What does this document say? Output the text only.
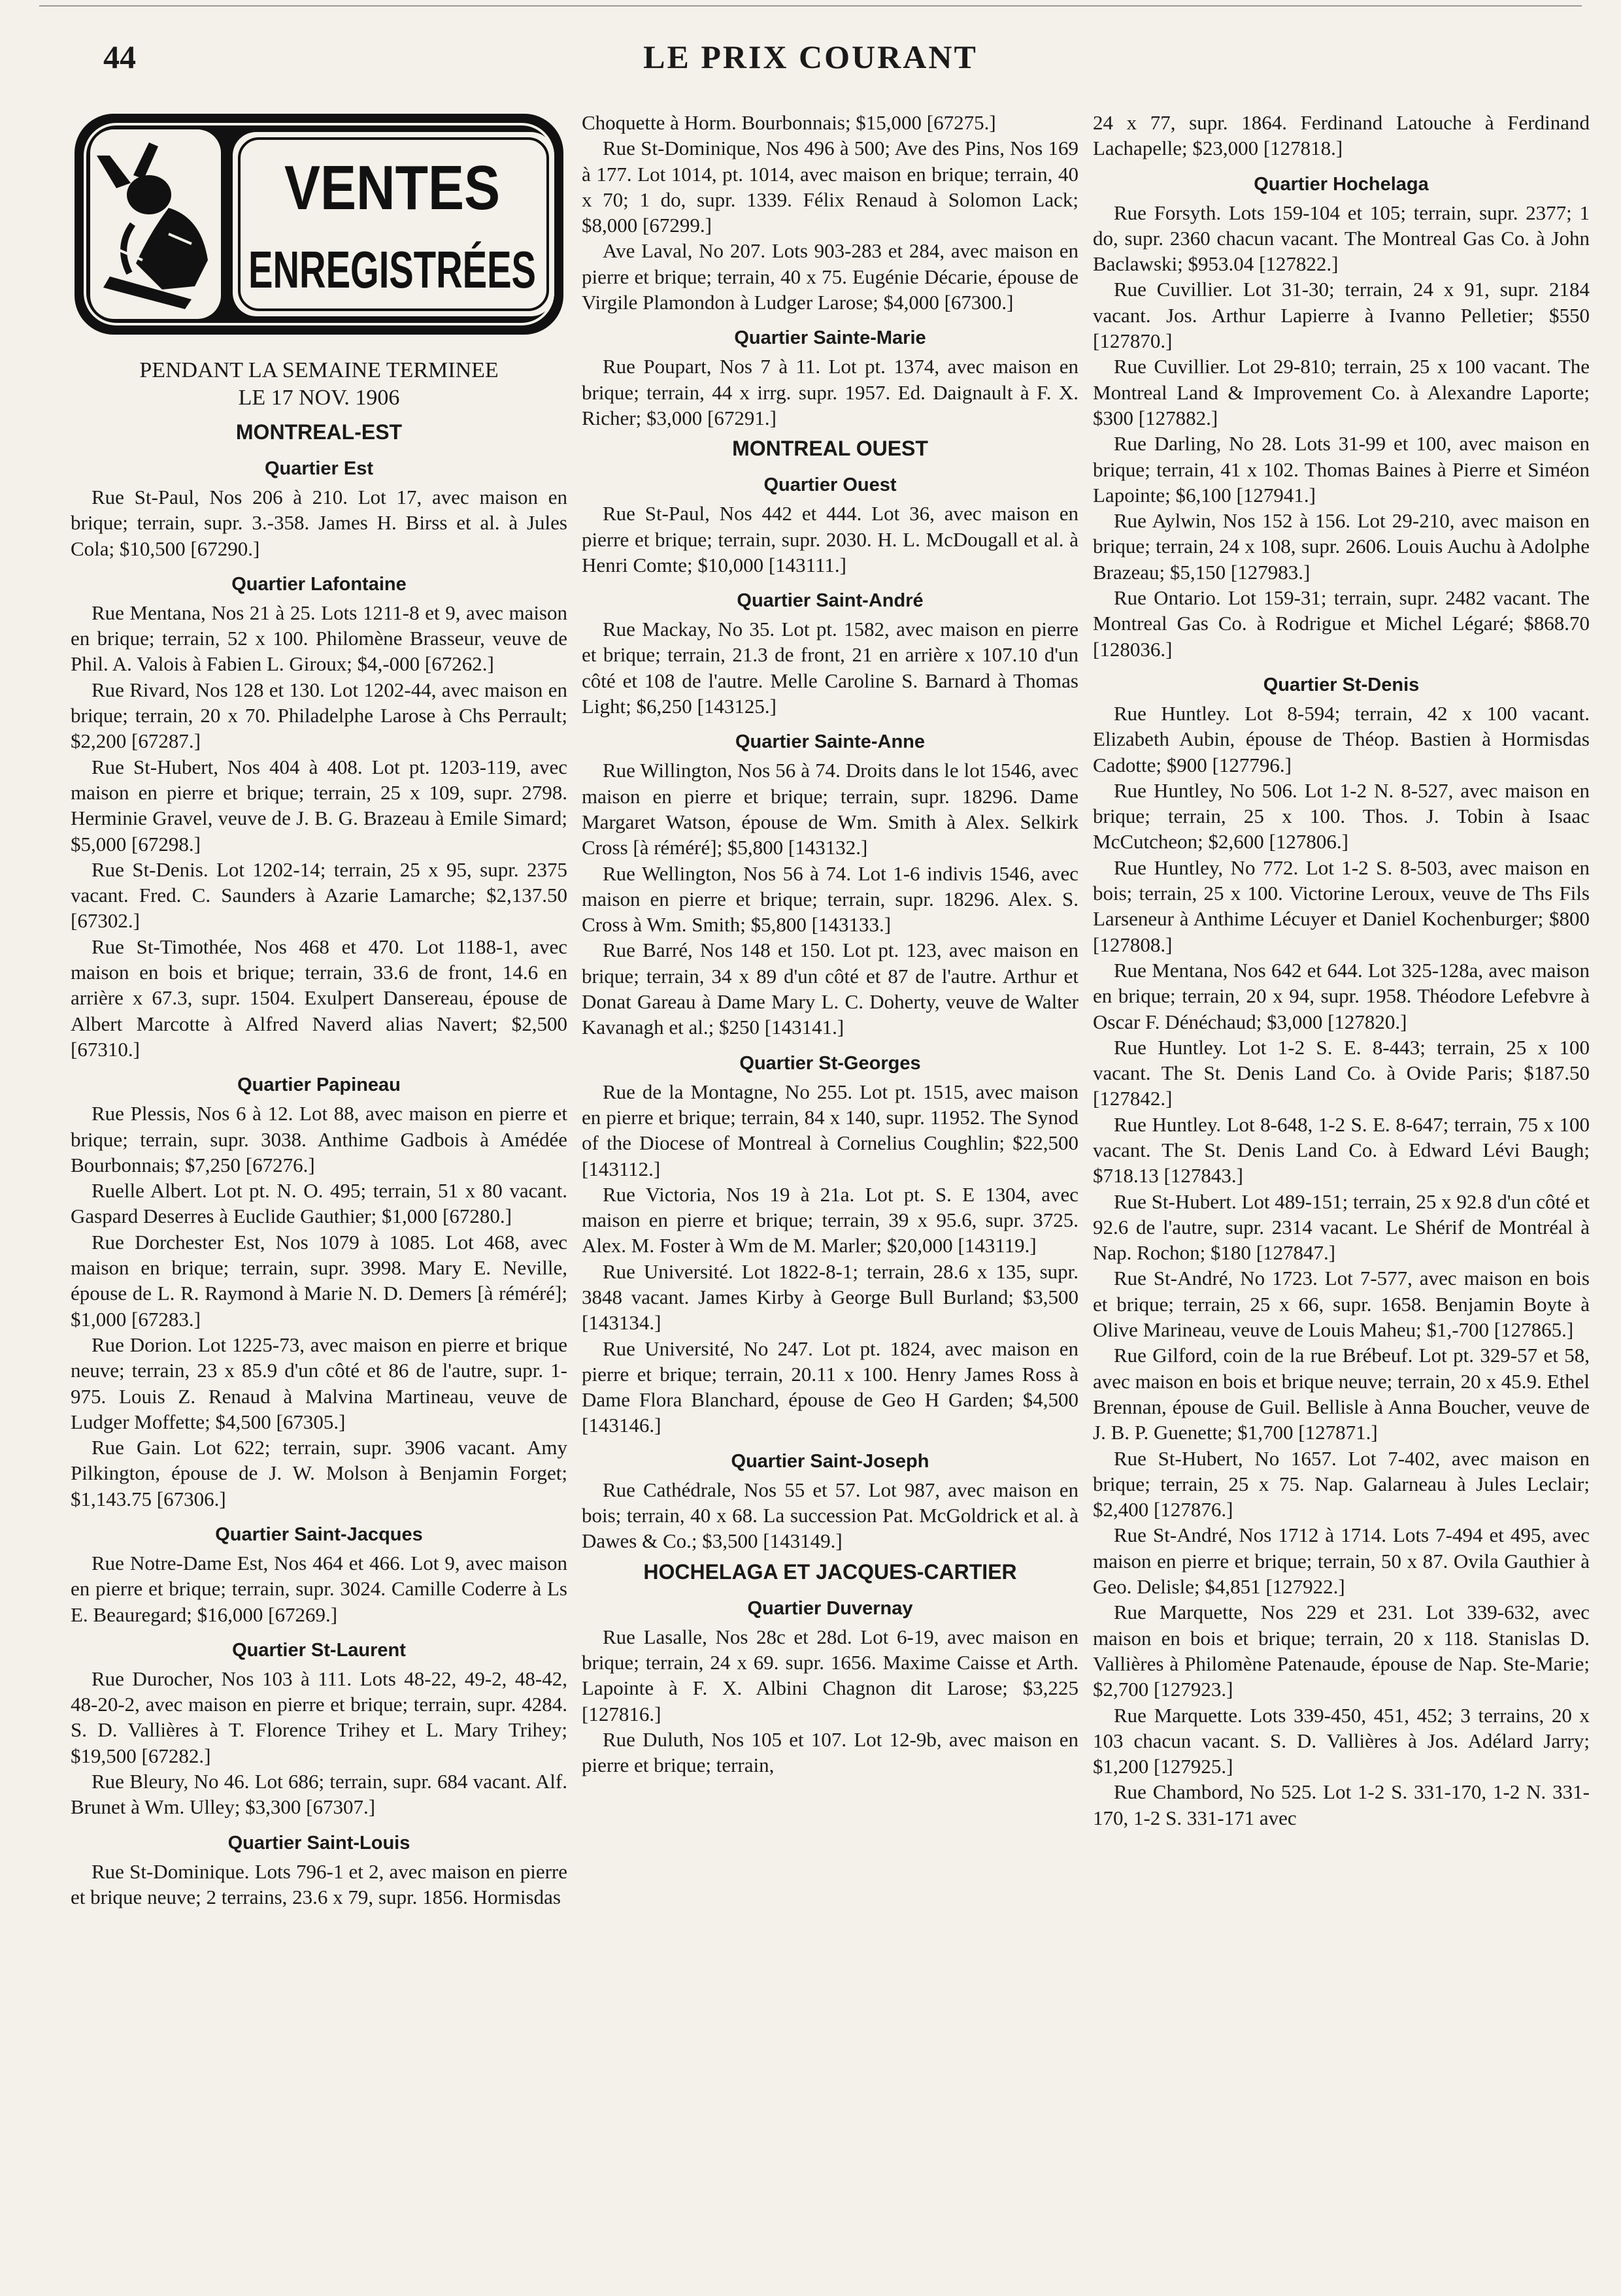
44	LE PRIX COURANT
VENTES
ENREGISTRÉES

PENDANT LA SEMAINE TERMINEE
LE 17 NOV. 1906

MONTREAL-EST
Quartier Est

Rue St-Paul, Nos 206 à 210. Lot 17, avec maison en brique; terrain, supr. 3.-358. James H. Birss et al. à Jules Cola; $10,500 [67290.]

Quartier Lafontaine

Rue Mentana, Nos 21 à 25. Lots 1211-8 et 9, avec maison en brique; terrain, 52 x 100. Philomène Brasseur, veuve de Phil. A. Valois à Fabien L. Giroux; $4,-000 [67262.]

Rue Rivard, Nos 128 et 130. Lot 1202-44, avec maison en brique; terrain, 20 x 70. Philadelphe Larose à Chs Perrault; $2,200 [67287.]

Rue St-Hubert, Nos 404 à 408. Lot pt. 1203-119, avec maison en pierre et brique; terrain, 25 x 109, supr. 2798. Herminie Gravel, veuve de J. B. G. Brazeau à Emile Simard; $5,000 [67298.]

Rue St-Denis. Lot 1202-14; terrain, 25 x 95, supr. 2375 vacant. Fred. C. Saunders à Azarie Lamarche; $2,137.50 [67302.]

Rue St-Timothée, Nos 468 et 470. Lot 1188-1, avec maison en bois et brique; terrain, 33.6 de front, 14.6 en arrière x 67.3, supr. 1504. Exulpert Dansereau, épouse de Albert Marcotte à Alfred Naverd alias Navert; $2,500 [67310.]

Quartier Papineau

Rue Plessis, Nos 6 à 12. Lot 88, avec maison en pierre et brique; terrain, supr. 3038. Anthime Gadbois à Amédée Bourbonnais; $7,250 [67276.]

Ruelle Albert. Lot pt. N. O. 495; terrain, 51 x 80 vacant. Gaspard Deserres à Euclide Gauthier; $1,000 [67280.]

Rue Dorchester Est, Nos 1079 à 1085. Lot 468, avec maison en brique; terrain, supr. 3998. Mary E. Neville, épouse de L. R. Raymond à Marie N. D. Demers [à réméré]; $1,000 [67283.]

Rue Dorion. Lot 1225-73, avec maison en pierre et brique neuve; terrain, 23 x 85.9 d'un côté et 86 de l'autre, supr. 1-975. Louis Z. Renaud à Malvina Martineau, veuve de Ludger Moffette; $4,500 [67305.]

Rue Gain. Lot 622; terrain, supr. 3906 vacant. Amy Pilkington, épouse de J. W. Molson à Benjamin Forget; $1,143.75 [67306.]

Quartier Saint-Jacques

Rue Notre-Dame Est, Nos 464 et 466. Lot 9, avec maison en pierre et brique; terrain, supr. 3024. Camille Coderre à Ls E. Beauregard; $16,000 [67269.]

Quartier St-Laurent

Rue Durocher, Nos 103 à 111. Lots 48-22, 49-2, 48-42, 48-20-2, avec maison en pierre et brique; terrain, supr. 4284. S. D. Vallières à T. Florence Trihey et L. Mary Trihey; $19,500 [67282.]

Rue Bleury, No 46. Lot 686; terrain, supr. 684 vacant. Alf. Brunet à Wm. Ulley; $3,300 [67307.]

Quartier Saint-Louis

Rue St-Dominique. Lots 796-1 et 2, avec maison en pierre et brique neuve; 2 terrains, 23.6 x 79, supr. 1856. Hormisdas

Choquette à Horm. Bourbonnais; $15,000 [67275.]

Rue St-Dominique, Nos 496 à 500; Ave des Pins, Nos 169 à 177. Lot 1014, pt. 1014, avec maison en brique; terrain, 40 x 70; 1 do, supr. 1339. Félix Renaud à Solomon Lack; $8,000 [67299.]

Ave Laval, No 207. Lots 903-283 et 284, avec maison en pierre et brique; terrain, 40 x 75. Eugénie Décarie, épouse de Virgile Plamondon à Ludger Larose; $4,000 [67300.]

Quartier Sainte-Marie

Rue Poupart, Nos 7 à 11. Lot pt. 1374, avec maison en brique; terrain, 44 x irrg. supr. 1957. Ed. Daignault à F. X. Richer; $3,000 [67291.]

MONTREAL OUEST
Quartier Ouest

Rue St-Paul, Nos 442 et 444. Lot 36, avec maison en pierre et brique; terrain, supr. 2030. H. L. McDougall et al. à Henri Comte; $10,000 [143111.]

Quartier Saint-André

Rue Mackay, No 35. Lot pt. 1582, avec maison en pierre et brique; terrain, 21.3 de front, 21 en arrière x 107.10 d'un côté et 108 de l'autre. Melle Caroline S. Barnard à Thomas Light; $6,250 [143125.]

Quartier Sainte-Anne

Rue Willington, Nos 56 à 74. Droits dans le lot 1546, avec maison en pierre et brique; terrain, supr. 18296. Dame Margaret Watson, épouse de Wm. Smith à Alex. Selkirk Cross [à réméré]; $5,800 [143132.]

Rue Wellington, Nos 56 à 74. Lot 1-6 indivis 1546, avec maison en pierre et brique; terrain, supr. 18296. Alex. S. Cross à Wm. Smith; $5,800 [143133.]

Rue Barré, Nos 148 et 150. Lot pt. 123, avec maison en brique; terrain, 34 x 89 d'un côté et 87 de l'autre. Arthur et Donat Gareau à Dame Mary L. C. Doherty, veuve de Walter Kavanagh et al.; $250 [143141.]

Quartier St-Georges

Rue de la Montagne, No 255. Lot pt. 1515, avec maison en pierre et brique; terrain, 84 x 140, supr. 11952. The Synod of the Diocese of Montreal à Cornelius Coughlin; $22,500 [143112.]

Rue Victoria, Nos 19 à 21a. Lot pt. S. E 1304, avec maison en pierre et brique; terrain, 39 x 95.6, supr. 3725. Alex. M. Foster à Wm de M. Marler; $20,000 [143119.]

Rue Université. Lot 1822-8-1; terrain, 28.6 x 135, supr. 3848 vacant. James Kirby à George Bull Burland; $3,500 [143134.]

Rue Université, No 247. Lot pt. 1824, avec maison en pierre et brique; terrain, 20.11 x 100. Henry James Ross à Dame Flora Blanchard, épouse de Geo H Garden; $4,500 [143146.]

Quartier Saint-Joseph

Rue Cathédrale, Nos 55 et 57. Lot 987, avec maison en bois; terrain, 40 x 68. La succession Pat. McGoldrick et al. à Dawes & Co.; $3,500 [143149.]

HOCHELAGA ET JACQUES-CARTIER
Quartier Duvernay

Rue Lasalle, Nos 28c et 28d. Lot 6-19, avec maison en brique; terrain, 24 x 69. supr. 1656. Maxime Caisse et Arth. Lapointe à F. X. Albini Chagnon dit Larose; $3,225 [127816.]

Rue Duluth, Nos 105 et 107. Lot 12-9b, avec maison en pierre et brique; terrain,

24 x 77, supr. 1864. Ferdinand Latouche à Ferdinand Lachapelle; $23,000 [127818.]

Quartier Hochelaga

Rue Forsyth. Lots 159-104 et 105; terrain, supr. 2377; 1 do, supr. 2360 chacun vacant. The Montreal Gas Co. à John Baclawski; $953.04 [127822.]

Rue Cuvillier. Lot 31-30; terrain, 24 x 91, supr. 2184 vacant. Jos. Arthur Lapierre à Ivanno Pelletier; $550 [127870.]

Rue Cuvillier. Lot 29-810; terrain, 25 x 100 vacant. The Montreal Land & Improvement Co. à Alexandre Laporte; $300 [127882.]

Rue Darling, No 28. Lots 31-99 et 100, avec maison en brique; terrain, 41 x 102. Thomas Baines à Pierre et Siméon Lapointe; $6,100 [127941.]

Rue Aylwin, Nos 152 à 156. Lot 29-210, avec maison en brique; terrain, 24 x 108, supr. 2606. Louis Auchu à Adolphe Brazeau; $5,150 [127983.]

Rue Ontario. Lot 159-31; terrain, supr. 2482 vacant. The Montreal Gas Co. à Rodrigue et Michel Légaré; $868.70 [128036.]

Quartier St-Denis

Rue Huntley. Lot 8-594; terrain, 42 x 100 vacant. Elizabeth Aubin, épouse de Théop. Bastien à Hormisdas Cadotte; $900 [127796.]

Rue Huntley, No 506. Lot 1-2 N. 8-527, avec maison en brique; terrain, 25 x 100. Thos. J. Tobin à Isaac McCutcheon; $2,600 [127806.]

Rue Huntley, No 772. Lot 1-2 S. 8-503, avec maison en bois; terrain, 25 x 100. Victorine Leroux, veuve de Ths Fils Larseneur à Anthime Lécuyer et Daniel Kochenburger; $800 [127808.]

Rue Mentana, Nos 642 et 644. Lot 325-128a, avec maison en brique; terrain, 20 x 94, supr. 1958. Théodore Lefebvre à Oscar F. Dénéchaud; $3,000 [127820.]

Rue Huntley. Lot 1-2 S. E. 8-443; terrain, 25 x 100 vacant. The St. Denis Land Co. à Ovide Paris; $187.50 [127842.]

Rue Huntley. Lot 8-648, 1-2 S. E. 8-647; terrain, 75 x 100 vacant. The St. Denis Land Co. à Edward Lévi Baugh; $718.13 [127843.]

Rue St-Hubert. Lot 489-151; terrain, 25 x 92.8 d'un côté et 92.6 de l'autre, supr. 2314 vacant. Le Shérif de Montréal à Nap. Rochon; $180 [127847.]

Rue St-André, No 1723. Lot 7-577, avec maison en bois et brique; terrain, 25 x 66, supr. 1658. Benjamin Boyte à Olive Marineau, veuve de Louis Maheu; $1,-700 [127865.]

Rue Gilford, coin de la rue Brébeuf. Lot pt. 329-57 et 58, avec maison en bois et brique neuve; terrain, 20 x 45.9. Ethel Brennan, épouse de Guil. Bellisle à Anna Boucher, veuve de J. B. P. Guenette; $1,700 [127871.]

Rue St-Hubert, No 1657. Lot 7-402, avec maison en brique; terrain, 25 x 75. Nap. Galarneau à Jules Leclair; $2,400 [127876.]

Rue St-André, Nos 1712 à 1714. Lots 7-494 et 495, avec maison en pierre et brique; terrain, 50 x 87. Ovila Gauthier à Geo. Delisle; $4,851 [127922.]

Rue Marquette, Nos 229 et 231. Lot 339-632, avec maison en bois et brique; terrain, 20 x 118. Stanislas D. Vallières à Philomène Patenaude, épouse de Nap. Ste-Marie; $2,700 [127923.]

Rue Marquette. Lots 339-450, 451, 452; 3 terrains, 20 x 103 chacun vacant. S. D. Vallières à Jos. Adélard Jarry; $1,200 [127925.]

Rue Chambord, No 525. Lot 1-2 S. 331-170, 1-2 N. 331-170, 1-2 S. 331-171 avec
